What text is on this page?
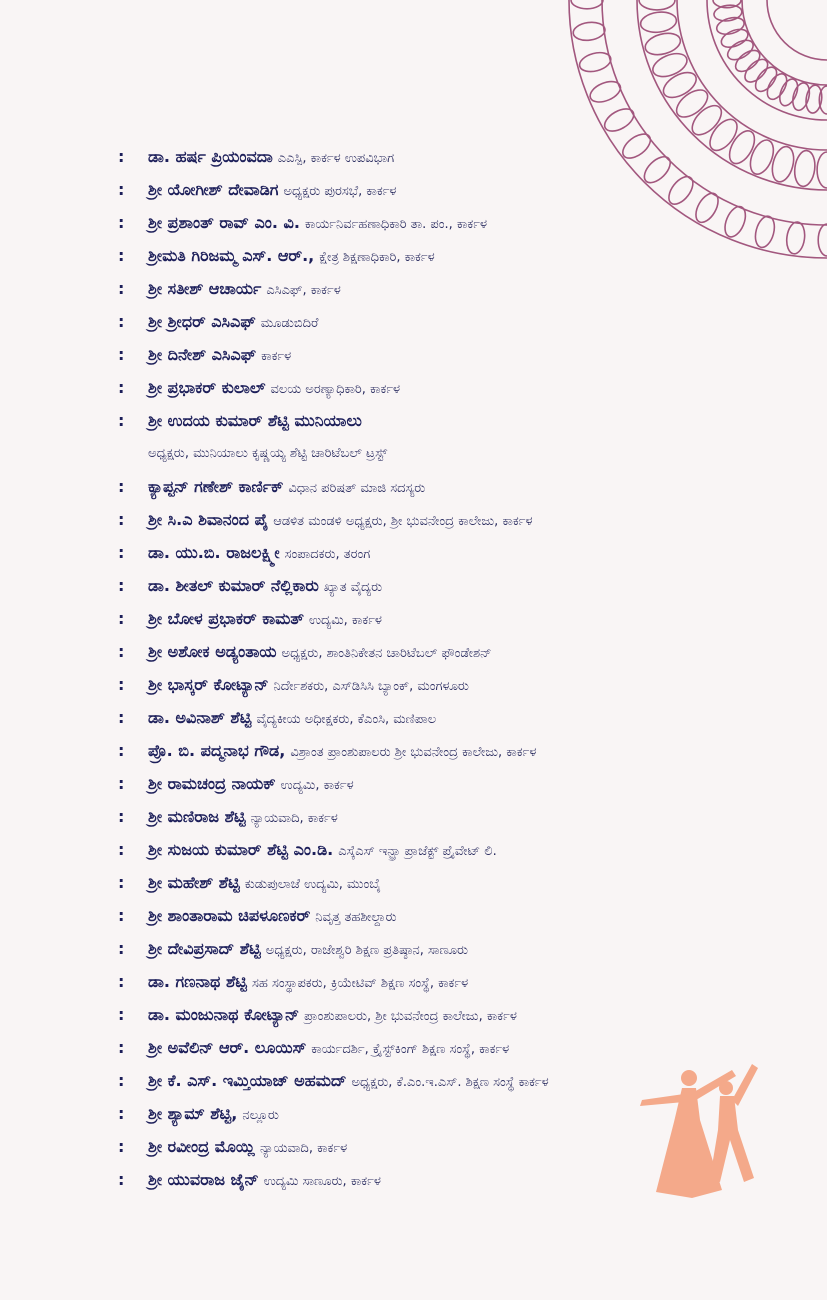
:	ಡಾ. ಹರ್ಷ ಪ್ರಿಯಂವದಾ ಎಎಸ್ಪಿ, ಕಾರ್ಕಳ ಉಪವಿಭಾಗ
:	ಶ್ರೀ ಯೋಗೀಶ್ ದೇವಾಡಿಗ ಅಧ್ಯಕ್ಷರು ಪುರಸಭೆ, ಕಾರ್ಕಳ
:	ಶ್ರೀ ಪ್ರಶಾಂತ್ ರಾವ್ ಎಂ. ವಿ. ಕಾರ್ಯನಿರ್ವಹಣಾಧಿಕಾರಿ ತಾ. ಪಂ., ಕಾರ್ಕಳ
:	ಶ್ರೀಮತಿ ಗಿರಿಜಮ್ಮ ಎಸ್. ಆರ್., ಕ್ಷೇತ್ರ ಶಿಕ್ಷಣಾಧಿಕಾರಿ, ಕಾರ್ಕಳ
:	ಶ್ರೀ ಸತೀಶ್ ಆಚಾರ್ಯ ಎಸಿಎಫ್, ಕಾರ್ಕಳ
:	ಶ್ರೀ ಶ್ರೀಧರ್ ಎಸಿಎಫ್ ಮೂಡುಬಿದಿರೆ
:	ಶ್ರೀ ದಿನೇಶ್ ಎಸಿಎಫ್ ಕಾರ್ಕಳ
:	ಶ್ರೀ ಪ್ರಭಾಕರ್ ಕುಲಾಲ್ ವಲಯ ಅರಣ್ಯಾಧಿಕಾರಿ, ಕಾರ್ಕಳ
:	ಶ್ರೀ ಉದಯ ಕುಮಾರ್ ಶೆಟ್ಟಿ ಮುನಿಯಾಲು
ಅಧ್ಯಕ್ಷರು, ಮುನಿಯಾಲು ಕೃಷ್ಣಯ್ಯ ಶೆಟ್ಟಿ ಚಾರಿಟೆಬಲ್ ಟ್ರಸ್ಟ್
:	ಕ್ಯಾಪ್ಟನ್ ಗಣೇಶ್ ಕಾರ್ಣಿಕ್ ವಿಧಾನ ಪರಿಷತ್ ಮಾಜಿ ಸದಸ್ಯರು
:	ಶ್ರೀ ಸಿ.ಎ ಶಿವಾನಂದ ಪೈ ಆಡಳಿತ ಮಂಡಳಿ ಅಧ್ಯಕ್ಷರು, ಶ್ರೀ ಭುವನೇಂದ್ರ ಕಾಲೇಜು, ಕಾರ್ಕಳ
:	ಡಾ. ಯು.ಬಿ. ರಾಜಲಕ್ಷ್ಮೀ ಸಂಪಾದಕರು, ತರಂಗ
:	ಡಾ. ಶೀತಲ್ ಕುಮಾರ್ ನೆಲ್ಲಿಕಾರು ಖ್ಯಾತ ವೈದ್ಯರು
:	ಶ್ರೀ ಬೋಳ ಪ್ರಭಾಕರ್ ಕಾಮತ್ ಉದ್ಯಮಿ, ಕಾರ್ಕಳ
:	ಶ್ರೀ ಅಶೋಕ ಅಡ್ಯಂತಾಯ ಅಧ್ಯಕ್ಷರು, ಶಾಂತಿನಿಕೇತನ ಚಾರಿಟೆಬಲ್ ಫೌಂಡೇಶನ್
:	ಶ್ರೀ ಭಾಸ್ಕರ್ ಕೋಟ್ಯಾನ್ ನಿರ್ದೇಶಕರು, ಎಸ್‌ಡಿಸಿಸಿ ಬ್ಯಾಂಕ್, ಮಂಗಳೂರು
:	ಡಾ. ಅವಿನಾಶ್ ಶೆಟ್ಟಿ ವೈದ್ಯಕೀಯ ಅಧೀಕ್ಷಕರು, ಕೆಎಂಸಿ, ಮಣಿಪಾಲ
:	ಪ್ರೊ. ಬಿ. ಪದ್ಮನಾಭ ಗೌಡ, ವಿಶ್ರಾಂತ ಪ್ರಾಂಶುಪಾಲರು ಶ್ರೀ ಭುವನೇಂದ್ರ ಕಾಲೇಜು, ಕಾರ್ಕಳ
:	ಶ್ರೀ ರಾಮಚಂದ್ರ ನಾಯಕ್ ಉದ್ಯಮಿ, ಕಾರ್ಕಳ
:	ಶ್ರೀ ಮಣಿರಾಜ ಶೆಟ್ಟಿ ನ್ಯಾಯವಾದಿ, ಕಾರ್ಕಳ
:	ಶ್ರೀ ಸುಜಯ ಕುಮಾರ್ ಶೆಟ್ಟಿ ಎಂ.ಡಿ. ಎಸ್ಕೆಎಸ್ ಇನ್ಫ್ರಾ ಪ್ರಾಜೆಕ್ಟ್ ಪ್ರೈವೇಟ್ ಲಿ.
:	ಶ್ರೀ ಮಹೇಶ್ ಶೆಟ್ಟಿ ಕುಡುಪುಲಾಜೆ ಉದ್ಯಮಿ, ಮುಂಬೈ
:	ಶ್ರೀ ಶಾಂತಾರಾಮ ಚಿಪಳೂಣಕರ್ ನಿವೃತ್ತ ತಹಶೀಲ್ದಾರು
:	ಶ್ರೀ ದೇವಿಪ್ರಸಾದ್ ಶೆಟ್ಟಿ ಅಧ್ಯಕ್ಷರು, ರಾಜೇಶ್ವರಿ ಶಿಕ್ಷಣ ಪ್ರತಿಷ್ಠಾನ, ಸಾಣೂರು
:	ಡಾ. ಗಣನಾಥ ಶೆಟ್ಟಿ ಸಹ ಸಂಸ್ಥಾಪಕರು, ಕ್ರಿಯೇಟಿವ್ ಶಿಕ್ಷಣ ಸಂಸ್ಥೆ, ಕಾರ್ಕಳ
:	ಡಾ. ಮಂಜುನಾಥ ಕೋಟ್ಯಾನ್ ಪ್ರಾಂಶುಪಾಲರು, ಶ್ರೀ ಭುವನೇಂದ್ರ ಕಾಲೇಜು, ಕಾರ್ಕಳ
:	ಶ್ರೀ ಅವೆಲಿನ್ ಆರ್. ಲೂಯಿಸ್ ಕಾರ್ಯದರ್ಶಿ, ಕ್ರೈಸ್ಟ್‌ಕಿಂಗ್ ಶಿಕ್ಷಣ ಸಂಸ್ಥೆ, ಕಾರ್ಕಳ
:	ಶ್ರೀ ಕೆ. ಎಸ್. ಇಮ್ತಿಯಾಜ್ ಅಹಮದ್ ಅಧ್ಯಕ್ಷರು, ಕೆ.ಎಂ.ಇ.ಎಸ್. ಶಿಕ್ಷಣ ಸಂಸ್ಥೆ ಕಾರ್ಕಳ
:	ಶ್ರೀ ಶ್ಯಾಮ್ ಶೆಟ್ಟಿ, ನಲ್ಲೂರು
:	ಶ್ರೀ ರವೀಂದ್ರ ಮೊಯ್ಲಿ ನ್ಯಾಯವಾದಿ, ಕಾರ್ಕಳ
:	ಶ್ರೀ ಯುವರಾಜ ಜೈನ್ ಉದ್ಯಮಿ ಸಾಣೂರು, ಕಾರ್ಕಳ
